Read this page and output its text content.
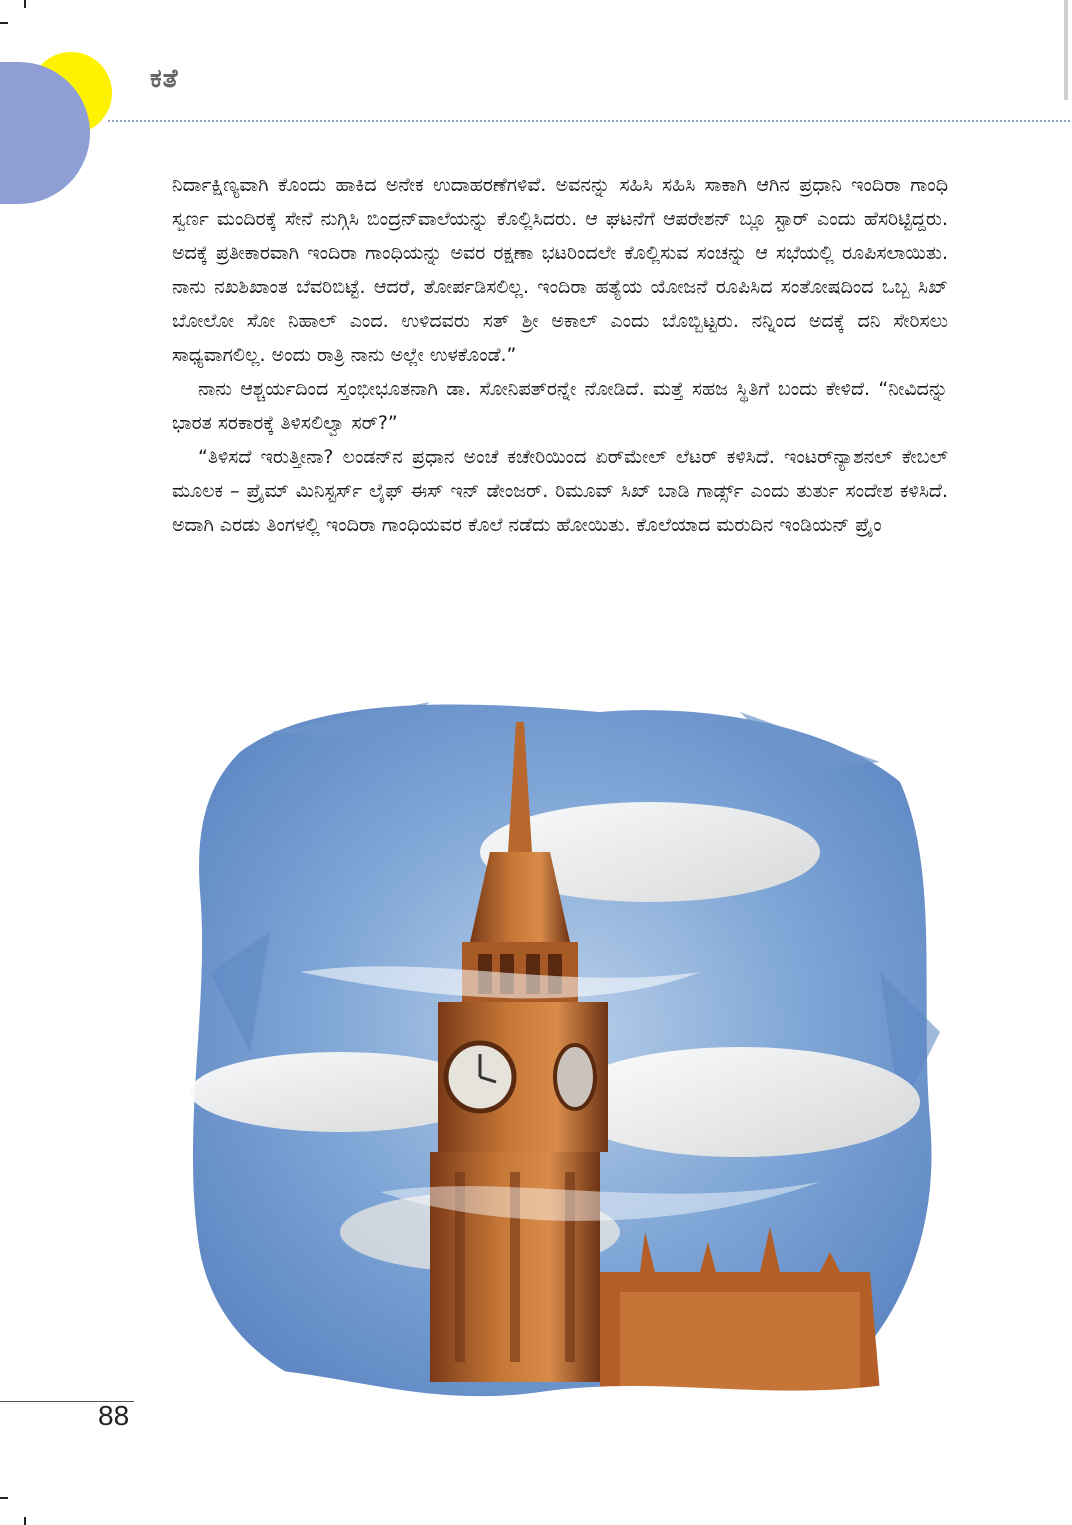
ಕತೆ

ನಿರ್ದಾಕ್ಷಿಣ್ಯವಾಗಿ ಕೊಂದು ಹಾಕಿದ ಅನೇಕ ಉದಾಹರಣೆಗಳಿವೆ. ಅವನನ್ನು ಸಹಿಸಿ ಸಹಿಸಿ ಸಾಕಾಗಿ ಆಗಿನ ಪ್ರಧಾನಿ ಇಂದಿರಾ ಗಾಂಧಿ ಸ್ವರ್ಣ ಮಂದಿರಕ್ಕೆ ಸೇನೆ ನುಗ್ಗಿಸಿ ಬಿಂದ್ರನ್‌ವಾಲೆಯನ್ನು ಕೊಲ್ಲಿಸಿದರು. ಆ ಘಟನೆಗೆ ಆಪರೇಶನ್ ಬ್ಲೂ ಸ್ಟಾರ್ ಎಂದು ಹೆಸರಿಟ್ಟಿದ್ದರು. ಅದಕ್ಕೆ ಪ್ರತೀಕಾರವಾಗಿ ಇಂದಿರಾ ಗಾಂಧಿಯನ್ನು ಅವರ ರಕ್ಷಣಾ ಭಟರಿಂದಲೇ ಕೊಲ್ಲಿಸುವ ಸಂಚನ್ನು ಆ ಸಭೆಯಲ್ಲಿ ರೂಪಿಸಲಾಯಿತು. ನಾನು ನಖಶಿಖಾಂತ ಬೆವರಿಬಿಟ್ಟೆ. ಆದರೆ, ತೋರ್ಪಡಿಸಲಿಲ್ಲ. ಇಂದಿರಾ ಹತ್ಯೆಯ ಯೋಜನೆ ರೂಪಿಸಿದ ಸಂತೋಷದಿಂದ ಒಬ್ಬ ಸಿಖ್ ಬೋಲೋ ಸೋ ನಿಹಾಲ್ ಎಂದ. ಉಳಿದವರು ಸತ್ ಶ್ರೀ ಅಕಾಲ್ ಎಂದು ಬೊಬ್ಬಿಟ್ಟರು. ನನ್ನಿಂದ ಅದಕ್ಕೆ ದನಿ ಸೇರಿಸಲು ಸಾಧ್ಯವಾಗಲಿಲ್ಲ. ಅಂದು ರಾತ್ರಿ ನಾನು ಅಲ್ಲೇ ಉಳಕೊಂಡೆ.”

ನಾನು ಆಶ್ಚರ್ಯದಿಂದ ಸ್ತಂಭೀಭೂತನಾಗಿ ಡಾ. ಸೋನಿಪತ್‌ರನ್ನೇ ನೋಡಿದೆ. ಮತ್ತೆ ಸಹಜ ಸ್ಥಿತಿಗೆ ಬಂದು ಕೇಳಿದೆ. “ನೀವಿದನ್ನು ಭಾರತ ಸರಕಾರಕ್ಕೆ ತಿಳಿಸಲಿಲ್ವಾ ಸರ್?”

“ತಿಳಿಸದೆ ಇರುತ್ತೀನಾ? ಲಂಡನ್‌ನ ಪ್ರಧಾನ ಅಂಚೆ ಕಚೇರಿಯಿಂದ ಏರ್‌ಮೇಲ್ ಲೆಟರ್ ಕಳಿಸಿದೆ. ಇಂಟರ್‌ನ್ಯಾಶನಲ್ ಕೇಬಲ್ ಮೂಲಕ – ಪ್ರೈಮ್ ಮಿನಿಸ್ಟರ್ಸ್ ಲೈಫ್ ಈಸ್ ಇನ್ ಡೇಂಜರ್. ರಿಮೂವ್ ಸಿಖ್ ಬಾಡಿ ಗಾರ್ಡ್ಸ್ ಎಂದು ತುರ್ತು ಸಂದೇಶ ಕಳಿಸಿದೆ. ಅದಾಗಿ ಎರಡು ತಿಂಗಳಲ್ಲಿ ಇಂದಿರಾ ಗಾಂಧಿಯವರ ಕೊಲೆ ನಡೆದು ಹೋಯಿತು. ಕೊಲೆಯಾದ ಮರುದಿನ ಇಂಡಿಯನ್ ಪ್ರೈಂ

88
